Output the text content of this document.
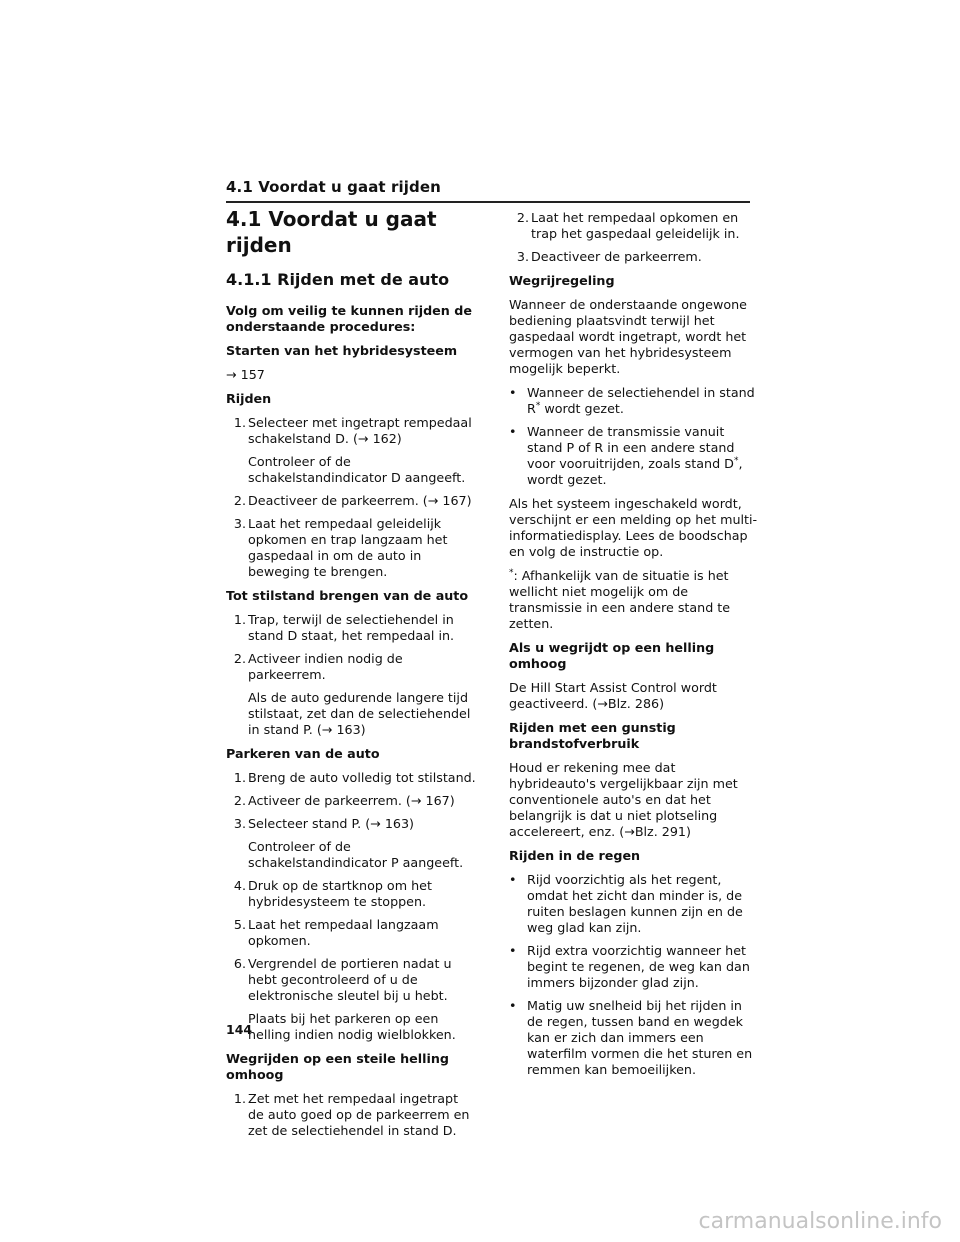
4.1 Voordat u gaat rijden
4.1 Voordat u gaat rijden
4.1.1 Rijden met de auto
Volg om veilig te kunnen rijden de onderstaande procedures:
Starten van het hybridesysteem
→ 157
Rijden
1. Selecteer met ingetrapt rempedaal schakelstand D. (→ 162)
Controleer of de schakelstandindicator D aangeeft.
2. Deactiveer de parkeerrem. (→ 167)
3. Laat het rempedaal geleidelijk opkomen en trap langzaam het gaspedaal in om de auto in beweging te brengen.
Tot stilstand brengen van de auto
1. Trap, terwijl de selectiehendel in stand D staat, het rempedaal in.
2. Activeer indien nodig de parkeerrem.
Als de auto gedurende langere tijd stilstaat, zet dan de selectiehendel in stand P. (→ 163)
Parkeren van de auto
1. Breng de auto volledig tot stilstand.
2. Activeer de parkeerrem. (→ 167)
3. Selecteer stand P. (→ 163)
Controleer of de schakelstandindicator P aangeeft.
4. Druk op de startknop om het hybridesysteem te stoppen.
5. Laat het rempedaal langzaam opkomen.
6. Vergrendel de portieren nadat u hebt gecontroleerd of u de elektronische sleutel bij u hebt.
Plaats bij het parkeren op een helling indien nodig wielblokken.
Wegrijden op een steile helling omhoog
1. Zet met het rempedaal ingetrapt de auto goed op de parkeerrem en zet de selectiehendel in stand D.
2. Laat het rempedaal opkomen en trap het gaspedaal geleidelijk in.
3. Deactiveer de parkeerrem.
Wegrijregeling
Wanneer de onderstaande ongewone bediening plaatsvindt terwijl het gaspedaal wordt ingetrapt, wordt het vermogen van het hybridesysteem mogelijk beperkt.
• Wanneer de selectiehendel in stand R* wordt gezet.
• Wanneer de transmissie vanuit stand P of R in een andere stand voor vooruitrijden, zoals stand D*, wordt gezet.
Als het systeem ingeschakeld wordt, verschijnt er een melding op het multi-informatiedisplay. Lees de boodschap en volg de instructie op.
*: Afhankelijk van de situatie is het wellicht niet mogelijk om de transmissie in een andere stand te zetten.
Als u wegrijdt op een helling omhoog
De Hill Start Assist Control wordt geactiveerd. (→Blz. 286)
Rijden met een gunstig brandstofverbruik
Houd er rekening mee dat hybrideauto's vergelijkbaar zijn met conventionele auto's en dat het belangrijk is dat u niet plotseling accelereert, enz. (→Blz. 291)
Rijden in de regen
• Rijd voorzichtig als het regent, omdat het zicht dan minder is, de ruiten beslagen kunnen zijn en de weg glad kan zijn.
• Rijd extra voorzichtig wanneer het begint te regenen, de weg kan dan immers bijzonder glad zijn.
• Matig uw snelheid bij het rijden in de regen, tussen band en wegdek kan er zich dan immers een waterfilm vormen die het sturen en remmen kan bemoeilijken.
144
carmanualsonline.info
